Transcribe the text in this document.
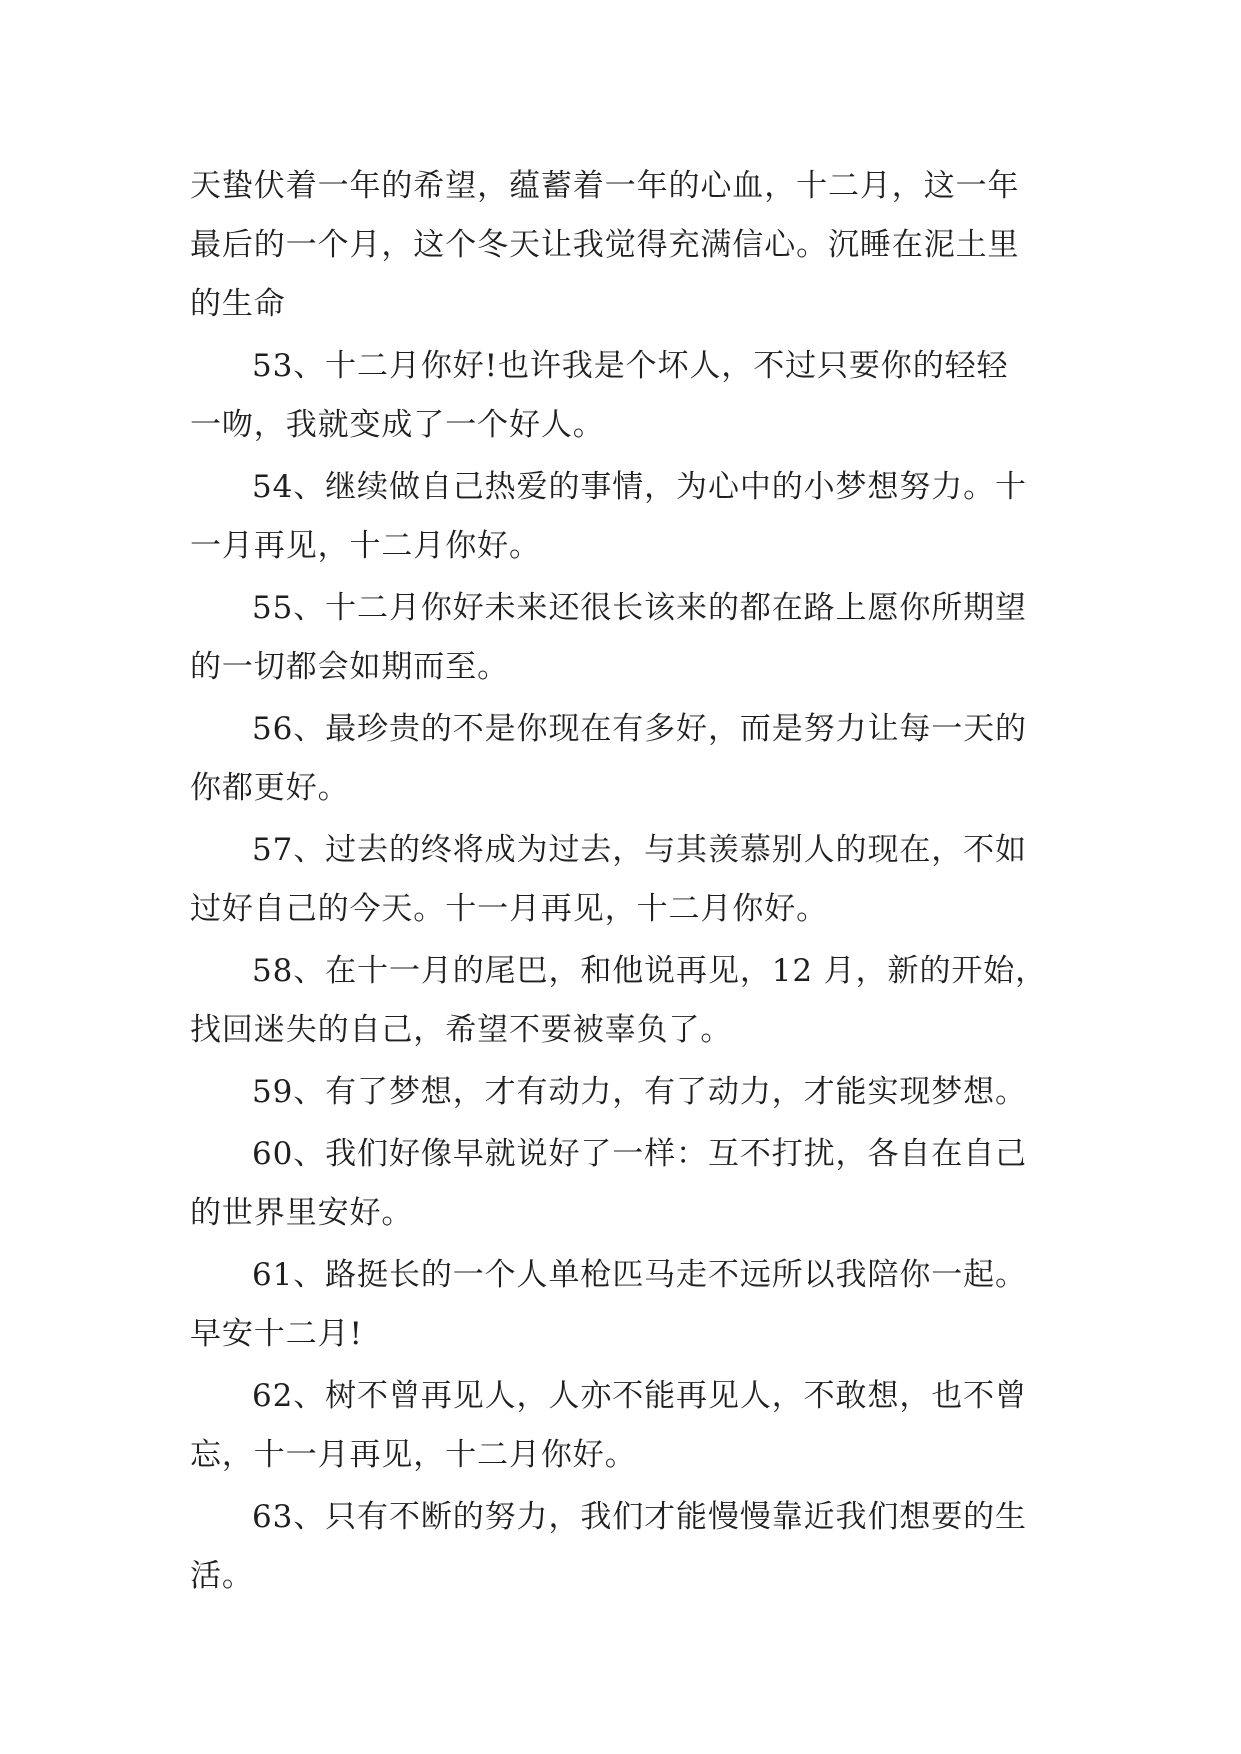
天蛰伏着一年的希望，蕴蓄着一年的心血，十二月，这一年
最后的一个月，这个冬天让我觉得充满信心。沉睡在泥土里
的生命
53、十二月你好!也许我是个坏人，不过只要你的轻轻
一吻，我就变成了一个好人。
54、继续做自己热爱的事情，为心中的小梦想努力。十
一月再见，十二月你好。
55、十二月你好未来还很长该来的都在路上愿你所期望
的一切都会如期而至。
56、最珍贵的不是你现在有多好，而是努力让每一天的
你都更好。
57、过去的终将成为过去，与其羡慕别人的现在，不如
过好自己的今天。十一月再见，十二月你好。
58、在十一月的尾巴，和他说再见，12 月，新的开始，
找回迷失的自己，希望不要被辜负了。
59、有了梦想，才有动力，有了动力，才能实现梦想。
60、我们好像早就说好了一样：互不打扰，各自在自己
的世界里安好。
61、路挺长的一个人单枪匹马走不远所以我陪你一起。
早安十二月!
62、树不曾再见人，人亦不能再见人，不敢想，也不曾
忘，十一月再见，十二月你好。
63、只有不断的努力，我们才能慢慢靠近我们想要的生
活。
